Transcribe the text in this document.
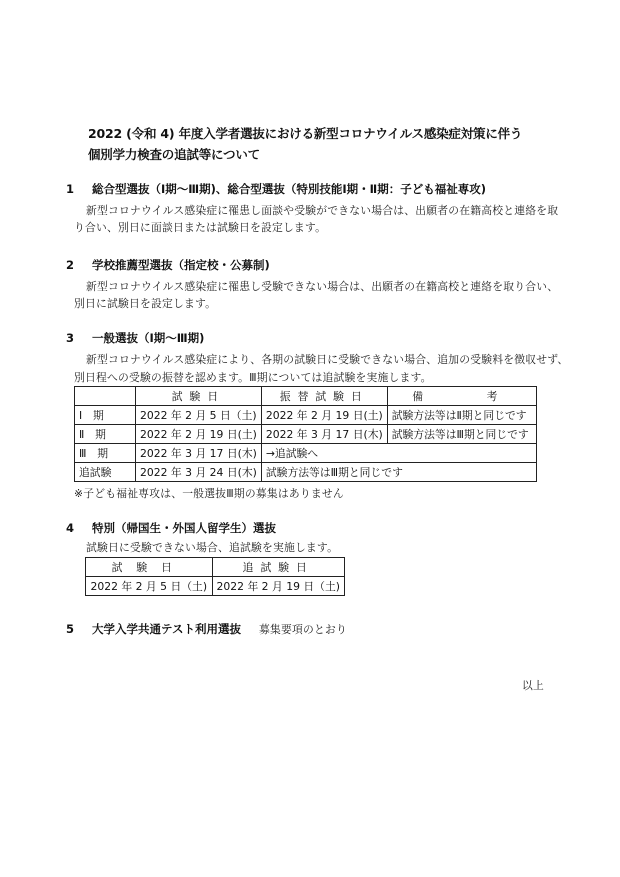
2022 (令和 4) 年度入学者選抜における新型コロナウイルス感染症対策に伴う
個別学力検査の追試等について
1 総合型選抜（Ⅰ期～Ⅲ期)、総合型選抜（特別技能Ⅰ期・Ⅱ期：子ども福祉専攻)
新型コロナウイルス感染症に罹患し面談や受験ができない場合は、出願者の在籍高校と連絡を取
り合い、別日に面談日または試験日を設定します。
2 学校推薦型選抜（指定校・公募制)
新型コロナウイルス感染症に罹患し受験できない場合は、出願者の在籍高校と連絡を取り合い、
別日に試験日を設定します。
3 一般選抜（Ⅰ期～Ⅲ期)
新型コロナウイルス感染症により、各期の試験日に受験できない場合、追加の受験料を徴収せず、
別日程への受験の振替を認めます。Ⅲ期については追試験を実施します。
	試験日	振替試験日	備　　考
Ⅰ　期	2022 年 2 月 5 日（土)	2022 年 2 月 19 日(土)	試験方法等はⅡ期と同じです
Ⅱ　期	2022 年 2 月 19 日(土)	2022 年 3 月 17 日(木)	試験方法等はⅢ期と同じです
Ⅲ　期	2022 年 3 月 17 日(木)	→追試験へ	
追試験	2022 年 3 月 24 日(木)	試験方法等はⅢ期と同じです	
※子ども福祉専攻は、一般選抜Ⅲ期の募集はありません
4 特別（帰国生・外国人留学生）選抜
試験日に受験できない場合、追試験を実施します。
試験日	追試験日
2022 年 2 月 5 日（土)	2022 年 2 月 19 日（土)
5 大学入学共通テスト利用選抜 募集要項のとおり
以上
